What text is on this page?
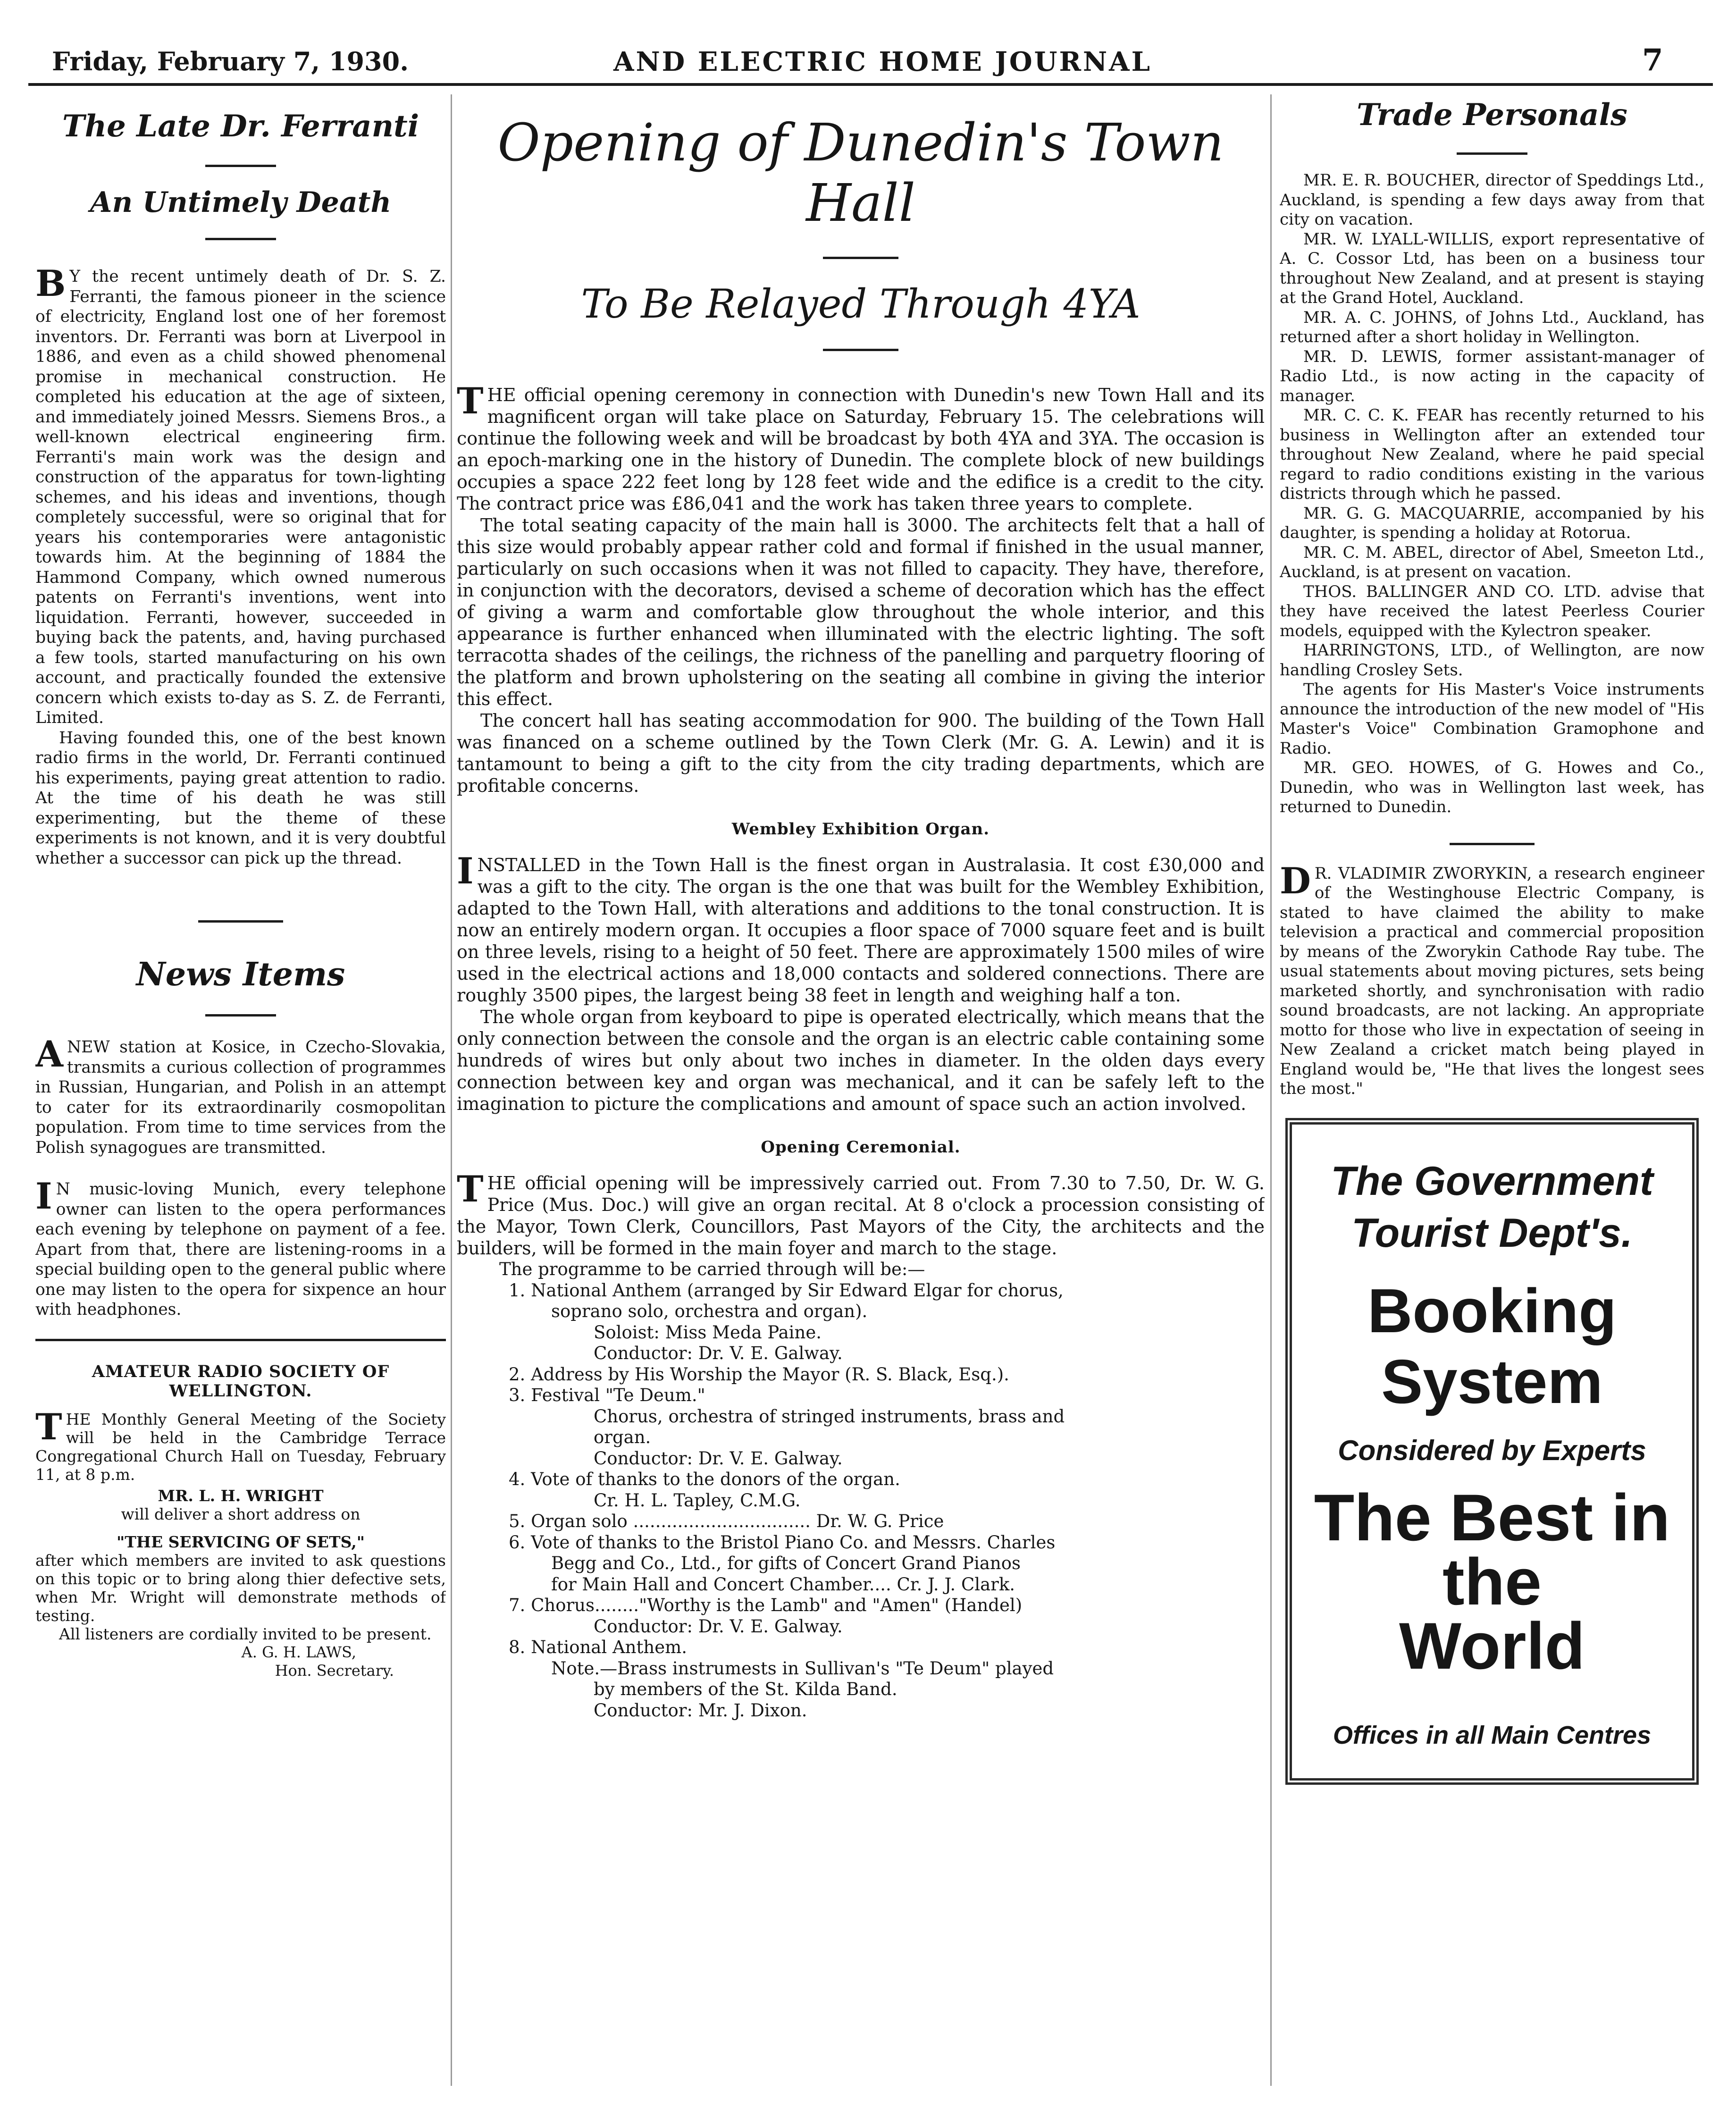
Friday, February 7, 1930.	AND ELECTRIC HOME JOURNAL	7
The Late Dr. Ferranti
An Untimely Death

B Y the recent untimely death of Dr. S. Z. Ferranti, the famous pioneer in the science of electricity, England lost one of her foremost inventors. Dr. Ferranti was born at Liverpool in 1886, and even as a child showed phenomenal promise in mechanical construction. He completed his education at the age of sixteen, and immediately joined Messrs. Siemens Bros., a well-known electrical engineering firm. Ferranti's main work was the design and construction of the apparatus for town-lighting schemes, and his ideas and inventions, though completely successful, were so original that for years his contemporaries were antagonistic towards him. At the beginning of 1884 the Hammond Company, which owned numerous patents on Ferranti's inventions, went into liquidation. Ferranti, however, succeeded in buying back the patents, and, having purchased a few tools, started manufacturing on his own account, and practically founded the extensive concern which exists to-day as S. Z. de Ferranti, Limited.

Having founded this, one of the best known radio firms in the world, Dr. Ferranti continued his experiments, paying great attention to radio. At the time of his death he was still experimenting, but the theme of these experiments is not known, and it is very doubtful whether a successor can pick up the thread.

News Items

A NEW station at Kosice, in Czecho-Slovakia, transmits a curious collection of programmes in Russian, Hungarian, and Polish in an attempt to cater for its extraordinarily cosmopolitan population. From time to time services from the Polish synagogues are transmitted.

I N music-loving Munich, every telephone owner can listen to the opera performances each evening by telephone on payment of a fee. Apart from that, there are listening-rooms in a special building open to the general public where one may listen to the opera for sixpence an hour with headphones.

AMATEUR RADIO SOCIETY OF WELLINGTON.

THE Monthly General Meeting of the Society will be held in the Cambridge Terrace Congregational Church Hall on Tuesday, February 11, at 8 p.m.

MR. L. H. WRIGHT

will deliver a short address on

"THE SERVICING OF SETS,"

after which members are invited to ask questions on this topic or to bring along thier defective sets, when Mr. Wright will demonstrate methods of testing.

All listeners are cordially invited to be present.

A. G. H. LAWS,

Hon. Secretary.

Opening of Dunedin's Town Hall
To Be Relayed Through 4YA

THE official opening ceremony in connection with Dunedin's new Town Hall and its magnificent organ will take place on Saturday, February 15. The celebrations will continue the following week and will be broadcast by both 4YA and 3YA. The occasion is an epoch-marking one in the history of Dunedin. The complete block of new buildings occupies a space 222 feet long by 128 feet wide and the edifice is a credit to the city. The contract price was £86,041 and the work has taken three years to complete.

The total seating capacity of the main hall is 3000. The architects felt that a hall of this size would probably appear rather cold and formal if finished in the usual manner, particularly on such occasions when it was not filled to capacity. They have, therefore, in conjunction with the decorators, devised a scheme of decoration which has the effect of giving a warm and comfortable glow throughout the whole interior, and this appearance is further enhanced when illuminated with the electric lighting. The soft terracotta shades of the ceilings, the richness of the panelling and parquetry flooring of the platform and brown upholstering on the seating all combine in giving the interior this effect.

The concert hall has seating accommodation for 900. The building of the Town Hall was financed on a scheme outlined by the Town Clerk (Mr. G. A. Lewin) and it is tantamount to being a gift to the city from the city trading departments, which are profitable concerns.

Wembley Exhibition Organ.

INSTALLED in the Town Hall is the finest organ in Australasia. It cost £30,000 and was a gift to the city. The organ is the one that was built for the Wembley Exhibition, adapted to the Town Hall, with alterations and additions to the tonal construction. It is now an entirely modern organ. It occupies a floor space of 7000 square feet and is built on three levels, rising to a height of 50 feet. There are approximately 1500 miles of wire used in the electrical actions and 18,000 contacts and soldered connections. There are roughly 3500 pipes, the largest being 38 feet in length and weighing half a ton.

The whole organ from keyboard to pipe is operated electrically, which means that the only connection between the console and the organ is an electric cable containing some hundreds of wires but only about two inches in diameter. In the olden days every connection between key and organ was mechanical, and it can be safely left to the imagination to picture the complications and amount of space such an action involved.

Opening Ceremonial.

THE official opening will be impressively carried out. From 7.30 to 7.50, Dr. W. G. Price (Mus. Doc.) will give an organ recital. At 8 o'clock a procession consisting of the Mayor, Town Clerk, Councillors, Past Mayors of the City, the architects and the builders, will be formed in the main foyer and march to the stage.

The programme to be carried through will be:—
1. National Anthem (arranged by Sir Edward Elgar for chorus,
soprano solo, orchestra and organ).
Soloist: Miss Meda Paine.
Conductor: Dr. V. E. Galway.
2. Address by His Worship the Mayor (R. S. Black, Esq.).
3. Festival "Te Deum."
Chorus, orchestra of stringed instruments, brass and
organ.
Conductor: Dr. V. E. Galway.
4. Vote of thanks to the donors of the organ.
Cr. H. L. Tapley, C.M.G.
5. Organ solo ................................ Dr. W. G. Price
6. Vote of thanks to the Bristol Piano Co. and Messrs. Charles
Begg and Co., Ltd., for gifts of Concert Grand Pianos
for Main Hall and Concert Chamber.... Cr. J. J. Clark.
7. Chorus........"Worthy is the Lamb" and "Amen" (Handel)
Conductor: Dr. V. E. Galway.
8. National Anthem.
Note.—Brass instrumests in Sullivan's "Te Deum" played
by members of the St. Kilda Band.
Conductor: Mr. J. Dixon.
Trade Personals

MR. E. R. BOUCHER, director of Speddings Ltd., Auckland, is spending a few days away from that city on vacation.

MR. W. LYALL-WILLIS, export representative of A. C. Cossor Ltd, has been on a business tour throughout New Zealand, and at present is staying at the Grand Hotel, Auckland.

MR. A. C. JOHNS, of Johns Ltd., Auckland, has returned after a short holiday in Wellington.

MR. D. LEWIS, former assistant-manager of Radio Ltd., is now acting in the capacity of manager.

MR. C. C. K. FEAR has recently returned to his business in Wellington after an extended tour throughout New Zealand, where he paid special regard to radio conditions existing in the various districts through which he passed.

MR. G. G. MACQUARRIE, accompanied by his daughter, is spending a holiday at Rotorua.

MR. C. M. ABEL, director of Abel, Smeeton Ltd., Auckland, is at present on vacation.

THOS. BALLINGER AND CO. LTD. advise that they have received the latest Peerless Courier models, equipped with the Kylectron speaker.

HARRINGTONS, LTD., of Wellington, are now handling Crosley Sets.

The agents for His Master's Voice instruments announce the introduction of the new model of "His Master's Voice" Combination Gramophone and Radio.

MR. GEO. HOWES, of G. Howes and Co., Dunedin, who was in Wellington last week, has returned to Dunedin.

D R. VLADIMIR ZWORYKIN, a research engineer of the Westinghouse Electric Company, is stated to have claimed the ability to make television a practical and commercial proposition by means of the Zworykin Cathode Ray tube. The usual statements about moving pictures, sets being marketed shortly, and synchronisation with radio sound broadcasts, are not lacking. An appropriate motto for those who live in expectation of seeing in New Zealand a cricket match being played in England would be, "He that lives the longest sees the most."

The Government
Tourist Dept's.
Booking System
Considered by Experts
The Best in the
World
Offices in all Main Centres
